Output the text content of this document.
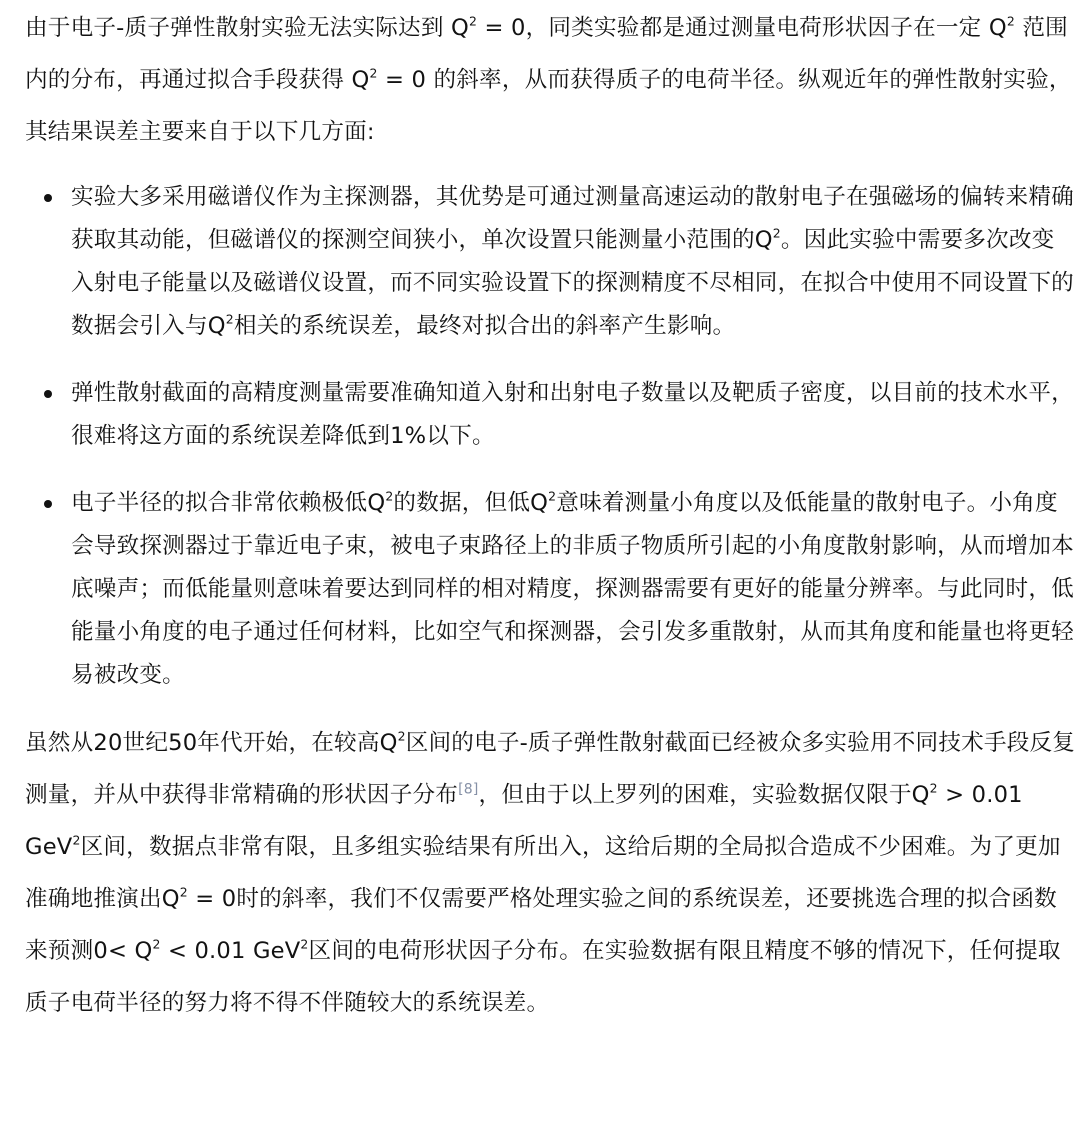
由于电子-质子弹性散射实验无法实际达到 $Q^2 = 0$，同类实验都是通过测量电荷形状因子在一定 $Q^2$ 范围内的分布，再通过拟合手段获得 $Q^2 = 0$ 的斜率，从而获得质子的电荷半径。纵观近年的弹性散射实验，其结果误差主要来自于以下几方面:

实验大多采用磁谱仪作为主探测器，其优势是可通过测量高速运动的散射电子在强磁场的偏转来精确获取其动能，但磁谱仪的探测空间狭小，单次设置只能测量小范围的$Q^2$。因此实验中需要多次改变入射电子能量以及磁谱仪设置，而不同实验设置下的探测精度不尽相同，在拟合中使用不同设置下的数据会引入与$Q^2$相关的系统误差，最终对拟合出的斜率产生影响。
弹性散射截面的高精度测量需要准确知道入射和出射电子数量以及靶质子密度，以目前的技术水平，很难将这方面的系统误差降低到1%以下。
电子半径的拟合非常依赖极低$Q^2$的数据，但低$Q^2$意味着测量小角度以及低能量的散射电子。小角度会导致探测器过于靠近电子束，被电子束路径上的非质子物质所引起的小角度散射影响，从而增加本底噪声；而低能量则意味着要达到同样的相对精度，探测器需要有更好的能量分辨率。与此同时，低能量小角度的电子通过任何材料，比如空气和探测器，会引发多重散射，从而其角度和能量也将更轻易被改变。

虽然从20世纪50年代开始，在较高$Q^2$区间的电子-质子弹性散射截面已经被众多实验用不同技术手段反复测量，并从中获得非常精确的形状因子分布[8]，但由于以上罗列的困难，实验数据仅限于$Q^2 > 0.01$ GeV$^2$区间，数据点非常有限，且多组实验结果有所出入，这给后期的全局拟合造成不少困难。为了更加准确地推演出$Q^2 = 0$时的斜率，我们不仅需要严格处理实验之间的系统误差，还要挑选合理的拟合函数来预测$0< Q^2 < 0.01$ GeV$^2$区间的电荷形状因子分布。在实验数据有限且精度不够的情况下，任何提取质子电荷半径的努力将不得不伴随较大的系统误差。
